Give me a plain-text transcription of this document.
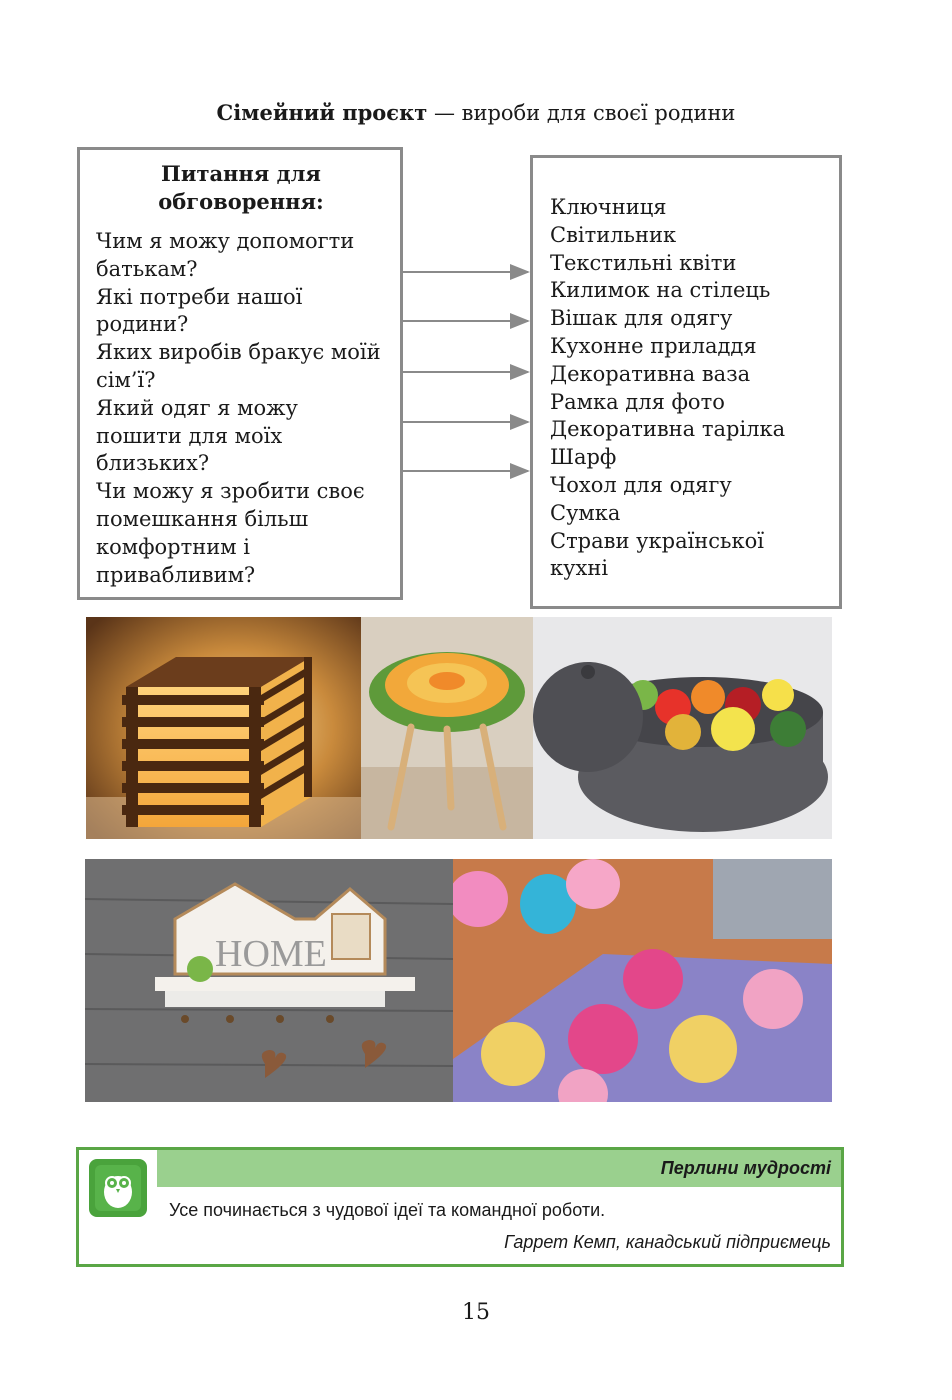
Сімейний проєкт — вироби для своєї родини
Питання для обговорення:
Чим я можу допомогти батькам?
Які потреби нашої родини?
Яких виробів бракує моїй сім’ї?
Який одяг я можу пошити для моїх близьких?
Чи можу я зробити своє помешкання більш комфортним і привабливим?
Ключниця
Світильник
Текстильні квіти
Килимок на стілець
Вішак для одягу
Кухонне приладдя
Декоративна ваза
Рамка для фото
Декоративна тарілка
Шарф
Чохол для одягу
Сумка
Страви української
кухні
HOME
Перлини мудрості
Усе починається з чудової ідеї та командної роботи.
Гаррет Кемп, канадський підприємець
15
